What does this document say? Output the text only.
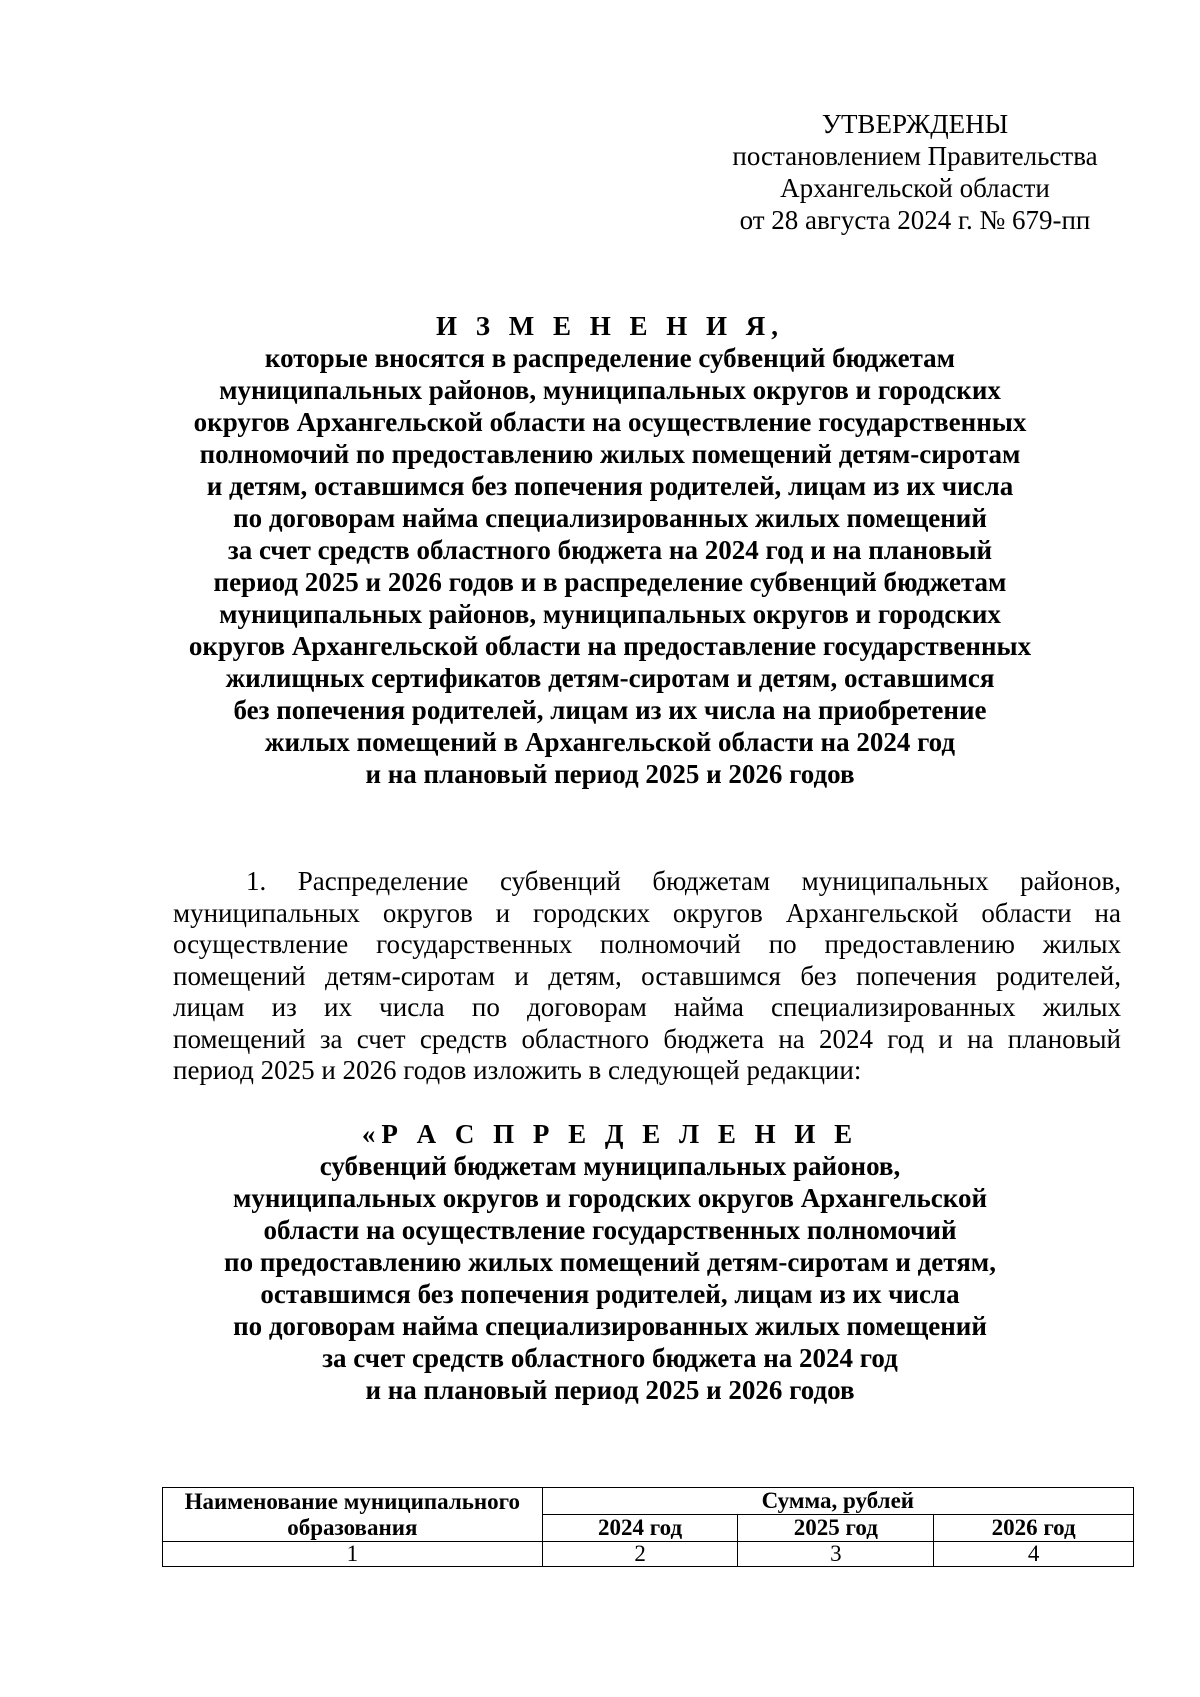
УТВЕРЖДЕНЫ
постановлением Правительства
Архангельской области
от 28 августа 2024 г. № 679-пп
И З М Е Н Е Н И Я,
которые вносятся в распределение субвенций бюджетам
муниципальных районов, муниципальных округов и городских
округов Архангельской области на осуществление государственных
полномочий по предоставлению жилых помещений детям-сиротам
и детям, оставшимся без попечения родителей, лицам из их числа
по договорам найма специализированных жилых помещений
за счет средств областного бюджета на 2024 год и на плановый
период 2025 и 2026 годов и в распределение субвенций бюджетам
муниципальных районов, муниципальных округов и городских
округов Архангельской области на предоставление государственных
жилищных сертификатов детям-сиротам и детям, оставшимся
без попечения родителей, лицам из их числа на приобретение
жилых помещений в Архангельской области на 2024 год
и на плановый период 2025 и 2026 годов
1. Распределение субвенций бюджетам муниципальных районов,
муниципальных округов и городских округов Архангельской области на
осуществление государственных полномочий по предоставлению жилых
помещений детям-сиротам и детям, оставшимся без попечения родителей,
лицам из их числа по договорам найма специализированных жилых
помещений за счет средств областного бюджета на 2024 год и на плановый
период 2025 и 2026 годов изложить в следующей редакции:
«Р А С П Р Е Д Е Л Е Н И Е
субвенций бюджетам муниципальных районов,
муниципальных округов и городских округов Архангельской
области на осуществление государственных полномочий
по предоставлению жилых помещений детям-сиротам и детям,
оставшимся без попечения родителей, лицам из их числа
по договорам найма специализированных жилых помещений
за счет средств областного бюджета на 2024 год
и на плановый период 2025 и 2026 годов
Наименование муниципального
образования	Сумма, рублей		
	2024 год	2025 год	2026 год
1	2	3	4
